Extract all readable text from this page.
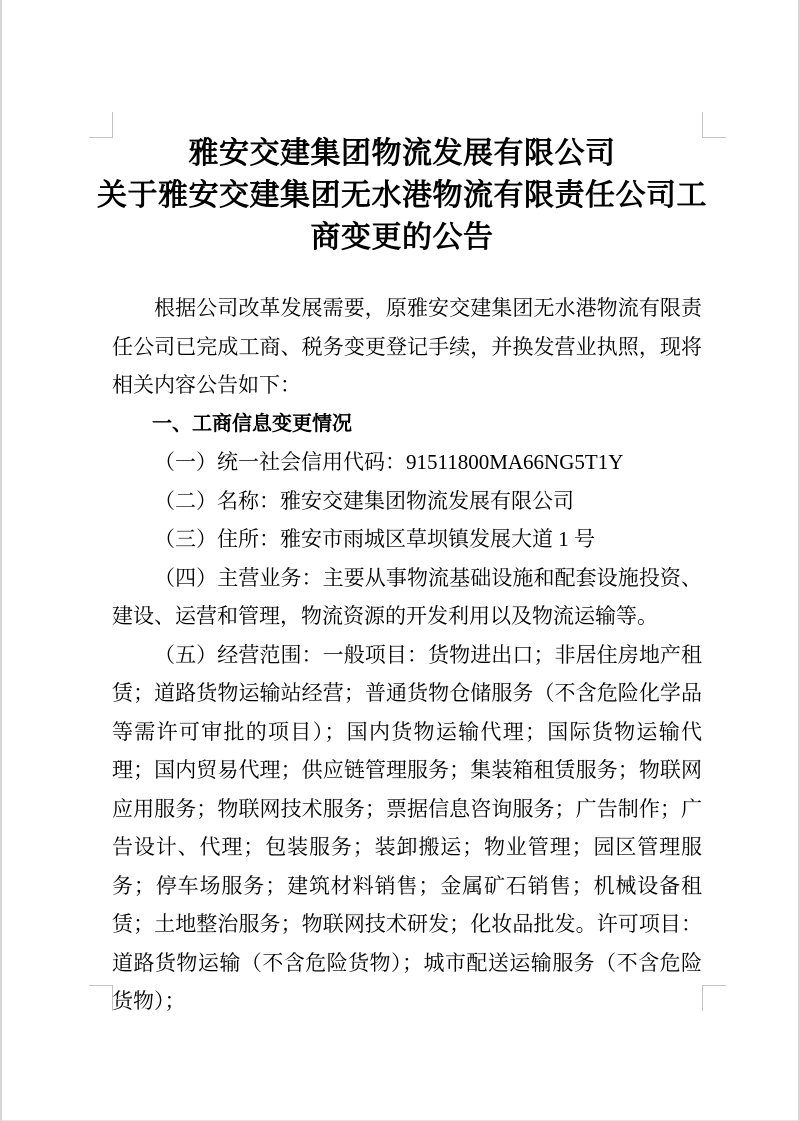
雅安交建集团物流发展有限公司
关于雅安交建集团无水港物流有限责任公司工
商变更的公告

根据公司改革发展需要，原雅安交建集团无水港物流有限责任公司已完成工商、税务变更登记手续，并换发营业执照，现将相关内容公告如下：

一、工商信息变更情况

（一）统一社会信用代码：91511800MA66NG5T1Y

（二）名称：雅安交建集团物流发展有限公司

（三）住所：雅安市雨城区草坝镇发展大道 1 号

（四）主营业务：主要从事物流基础设施和配套设施投资、建设、运营和管理，物流资源的开发利用以及物流运输等。

（五）经营范围：一般项目：货物进出口；非居住房地产租赁；道路货物运输站经营；普通货物仓储服务（不含危险化学品等需许可审批的项目）；国内货物运输代理；国际货物运输代理；国内贸易代理；供应链管理服务；集装箱租赁服务；物联网应用服务；物联网技术服务；票据信息咨询服务；广告制作；广告设计、代理；包装服务；装卸搬运；物业管理；园区管理服务；停车场服务；建筑材料销售；金属矿石销售；机械设备租赁；土地整治服务；物联网技术研发；化妆品批发。许可项目：道路货物运输（不含危险货物）；城市配送运输服务（不含危险货物）；
